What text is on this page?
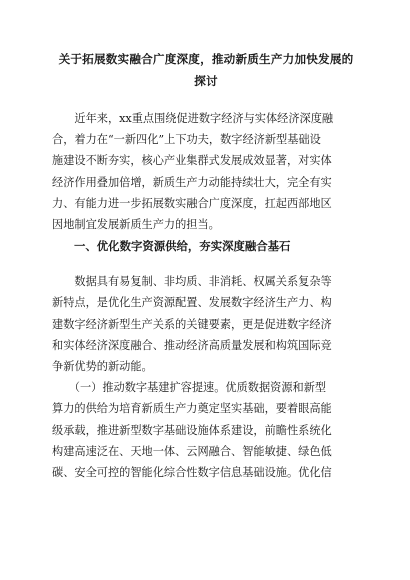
关于拓展数实融合广度深度，推动新质生产力加快发展的
探讨

　　近年来，xx重点围绕促进数字经济与实体经济深度融
合，着力在“一新四化”上下功夫，数字经济新型基础设
施建设不断夯实，核心产业集群式发展成效显著，对实体
经济作用叠加倍增，新质生产力动能持续壮大，完全有实
力、有能力进一步拓展数实融合广度深度，扛起西部地区
因地制宜发展新质生产力的担当。

一、优化数字资源供给，夯实深度融合基石

　　数据具有易复制、非均质、非消耗、权属关系复杂等
新特点，是优化生产资源配置、发展数字经济生产力、构
建数字经济新型生产关系的关键要素，更是促进数字经济
和实体经济深度融合、推动经济高质量发展和构筑国际竞
争新优势的新动能。

　　（一）推动数字基建扩容提速。优质数据资源和新型
算力的供给为培育新质生产力奠定坚实基础，要着眼高能
级承载，推进新型数字基础设施体系建设，前瞻性系统化
构建高速泛在、天地一体、云网融合、智能敏捷、绿色低
碳、安全可控的智能化综合性数字信息基础设施。优化信
